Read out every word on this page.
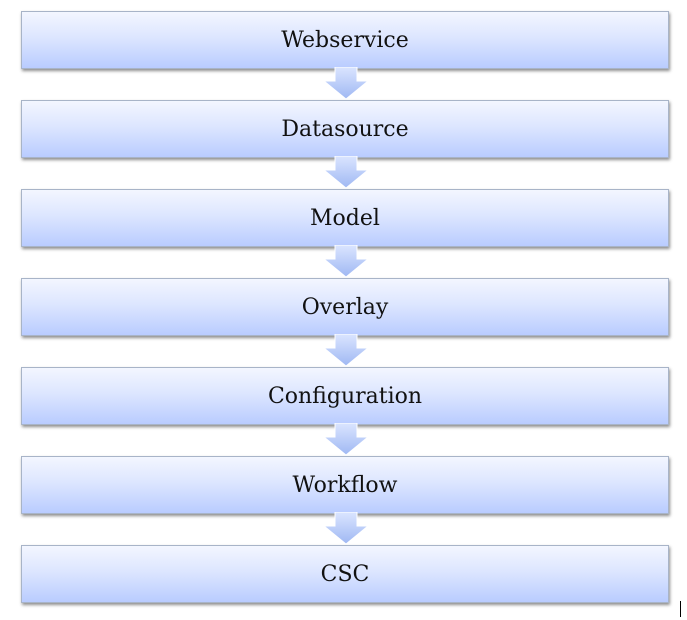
Webservice
Datasource
Model
Overlay
Configuration
Workflow
CSC
